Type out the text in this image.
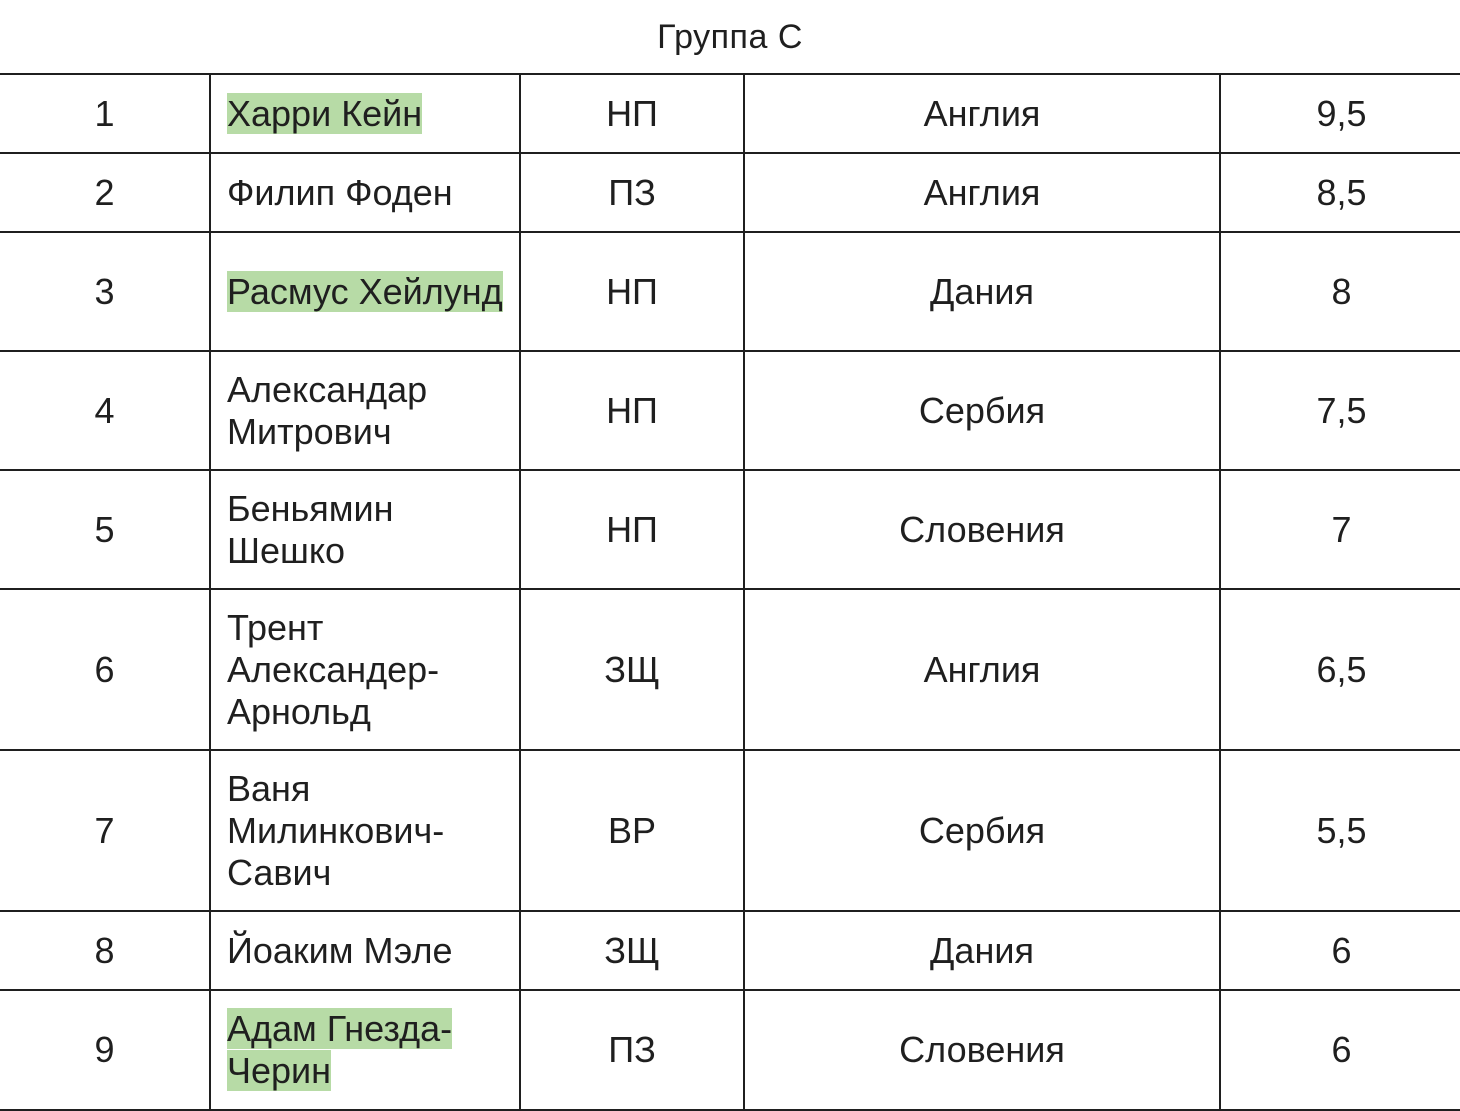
Группа С
1	Харри Кейн	НП	Англия	9,5
2	Филип Фоден	ПЗ	Англия	8,5
3	Расмус Хейлунд	НП	Дания	8
4	Александар Митрович	НП	Сербия	7,5
5	Беньямин Шешко	НП	Словения	7
6	Трент Александер-Арнольд	ЗЩ	Англия	6,5
7	Ваня Милинкович-Савич	ВР	Сербия	5,5
8	Йоаким Мэле	ЗЩ	Дания	6
9	Адам Гнезда-Черин	ПЗ	Словения	6
